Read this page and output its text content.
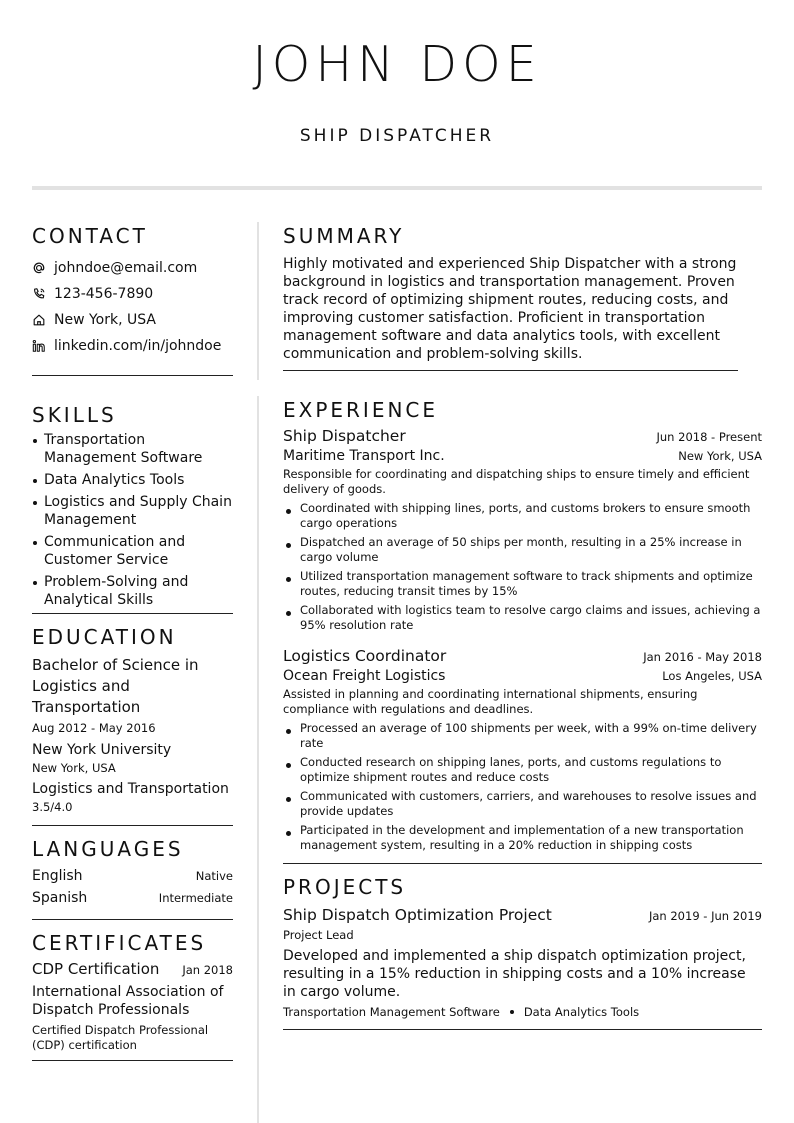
JOHN DOE
SHIP DISPATCHER
CONTACT
johndoe@email.com
123-456-7890
New York, USA
linkedin.com/in/johndoe
SKILLS
Transportation Management Software
Data Analytics Tools
Logistics and Supply Chain Management
Communication and Customer Service
Problem-Solving and Analytical Skills
EDUCATION
Bachelor of Science in Logistics and Transportation
Aug 2012 - May 2016
New York University
New York, USA
Logistics and Transportation
3.5/4.0
LANGUAGES
English	Native
Spanish	Intermediate
CERTIFICATES
CDP Certification Jan 2018
International Association of Dispatch Professionals
Certified Dispatch Professional (CDP) certification
SUMMARY
Highly motivated and experienced Ship Dispatcher with a strong background in logistics and transportation management. Proven track record of optimizing shipment routes, reducing costs, and improving customer satisfaction. Proficient in transportation management software and data analytics tools, with excellent communication and problem-solving skills.
EXPERIENCE
Ship Dispatcher	Jun 2018 - Present
Maritime Transport Inc.	New York, USA
Responsible for coordinating and dispatching ships to ensure timely and efficient delivery of goods.
Coordinated with shipping lines, ports, and customs brokers to ensure smooth cargo operations
Dispatched an average of 50 ships per month, resulting in a 25% increase in cargo volume
Utilized transportation management software to track shipments and optimize routes, reducing transit times by 15%
Collaborated with logistics team to resolve cargo claims and issues, achieving a 95% resolution rate
Logistics Coordinator	Jan 2016 - May 2018
Ocean Freight Logistics	Los Angeles, USA
Assisted in planning and coordinating international shipments, ensuring compliance with regulations and deadlines.
Processed an average of 100 shipments per week, with a 99% on-time delivery rate
Conducted research on shipping lanes, ports, and customs regulations to optimize shipment routes and reduce costs
Communicated with customers, carriers, and warehouses to resolve issues and provide updates
Participated in the development and implementation of a new transportation management system, resulting in a 20% reduction in shipping costs
PROJECTS
Ship Dispatch Optimization Project	Jan 2019 - Jun 2019
Project Lead
Developed and implemented a ship dispatch optimization project, resulting in a 15% reduction in shipping costs and a 10% increase in cargo volume.
Transportation Management Software Data Analytics Tools
